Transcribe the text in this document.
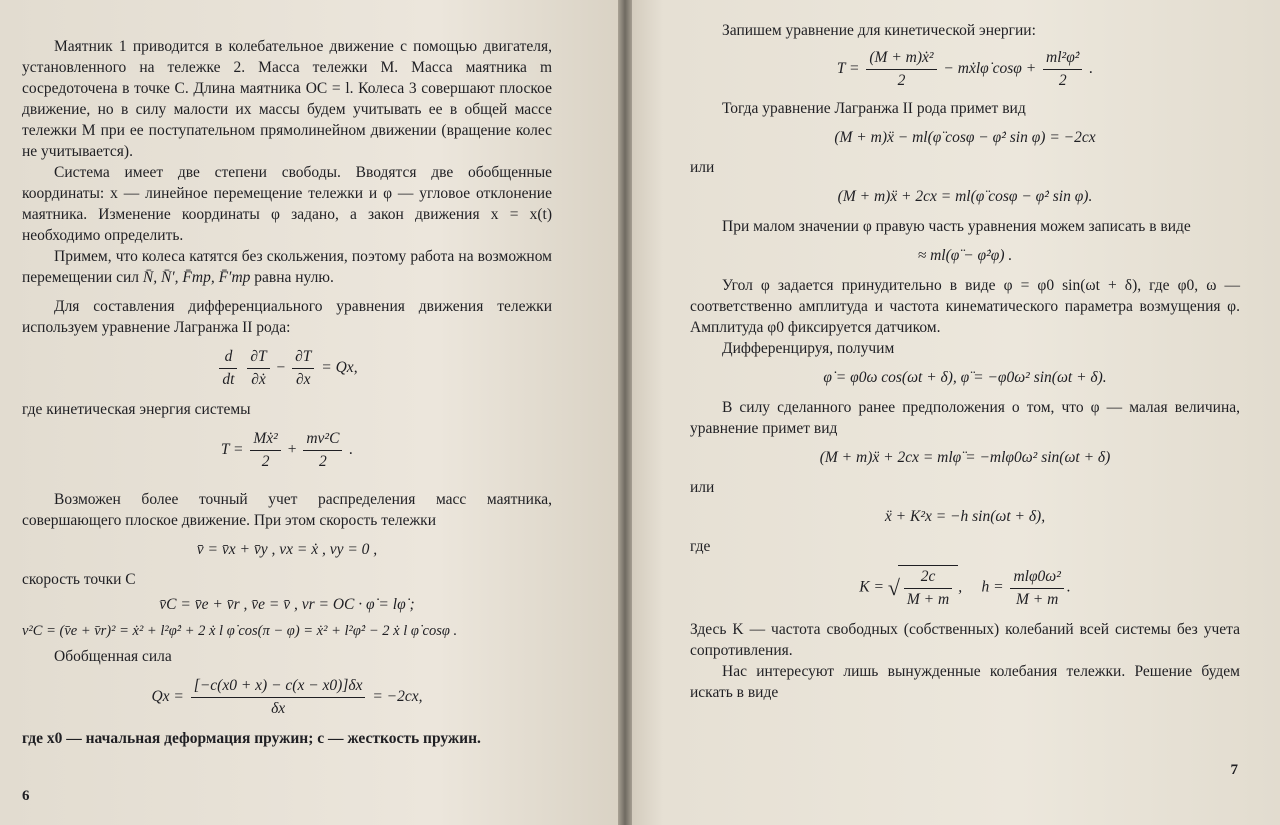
Маятник 1 приводится в колебательное движение с помощью двигателя, установленного на тележке 2. Масса тележки M. Масса маятника m сосредоточена в точке C. Длина маятника OC = l. Колеса 3 совершают плоское движение, но в силу малости их массы будем учитывать ее в общей массе тележки M при ее поступательном прямолинейном движении (вращение колес не учитывается).

Система имеет две степени свободы. Вводятся две обобщенные координаты: x — линейное перемещение тележки и φ — угловое отклонение маятника. Изменение координаты φ задано, а закон движения x = x(t) необходимо определить.

Примем, что колеса катятся без скольжения, поэтому работа на возможном перемещении сил N̄, N̄′, F̄тр, F̄′тр равна нулю.

Для составления дифференциального уравнения движения тележки используем уравнение Лагранжа II рода:

$\frac{d}{dt}$
$\frac{\partial T}{\text{∂ẋ}} - \frac{\partial T}{\partial x} = Qx$,

где кинетическая энергия системы

$T = \frac{\text{Mẋ²}}{2} + \frac{\text{mv²C}}{2}$ .

Возможен более точный учет распределения масс маятника, совершающего плоское движение. При этом скорость тележки

v̄ = v̄x + v̄y , vx = ẋ , vy = 0 ,

скорость точки C

v̄C = v̄e + v̄r , v̄e = v̄ , vr = OC · φ̇ = lφ̇ ;
v²C = (v̄e + v̄r)² = ẋ² + l²φ̇² + 2 ẋ l φ̇ cos(π − φ) = ẋ² + l²φ̇² − 2 ẋ l φ̇ cosφ .

Обобщенная сила

$Qx = \frac{[-c(x0 + x) - c(x - x0)]\delta x}{\delta x} = -2cx$,

где x0 — начальная деформация пружин; c — жесткость пружин.

6

Запишем уравнение для кинетической энергии:

$T = \frac{\text{(M + m)ẋ²}}{2}$ − mẋlφ̇ $\cos\varphi + \frac{\text{ml²φ̇²}}{2}$ .

Тогда уравнение Лагранжа II рода примет вид

(M + m)ẍ − ml(φ̈ cosφ − φ̇² sin φ) = −2cx

или

(M + m)ẍ + 2cx = ml(φ̈ cosφ − φ̇² sin φ).

При малом значении φ правую часть уравнения можем записать в виде

≈ ml(φ̈ − φ̇²φ) .

Угол φ задается принудительно в виде φ = φ0 sin(ωt + δ), где φ0, ω — соответственно амплитуда и частота кинематического параметра возмущения φ. Амплитуда φ0 фиксируется датчиком.

Дифференцируя, получим

φ̇ = φ0ω cos(ωt + δ), φ̈ = −φ0ω² sin(ωt + δ).

В силу сделанного ранее предположения о том, что φ — малая величина, уравнение примет вид

(M + m)ẍ + 2cx = mlφ̈ = −mlφ0ω² sin(ωt + δ)

или

ẍ + K²x = −h sin(ωt + δ),

где

K = √ $\frac{2c}{M + m}$ ,     $h = \frac{\text{mlφ0ω²}}{M + m}$ .

Здесь K — частота свободных (собственных) колебаний всей системы без учета сопротивления.

Нас интересуют лишь вынужденные колебания тележки. Решение будем искать в виде

7
